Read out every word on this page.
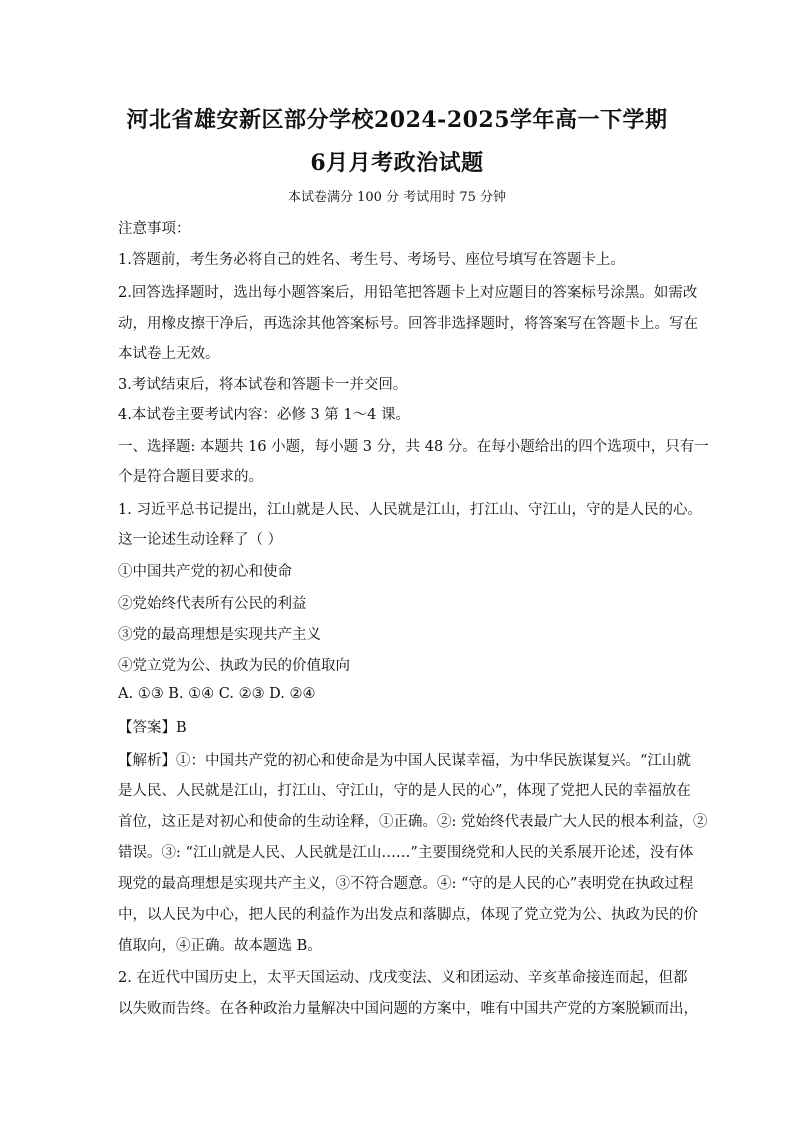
河北省雄安新区部分学校2024-2025学年高一下学期
6月月考政治试题
本试卷满分 100 分 考试用时 75 分钟
注意事项：
1.答题前，考生务必将自己的姓名、考生号、考场号、座位号填写在答题卡上。
2.回答选择题时，选出每小题答案后，用铅笔把答题卡上对应题目的答案标号涂黑。如需改
动，用橡皮擦干净后，再选涂其他答案标号。回答非选择题时，将答案写在答题卡上。写在
本试卷上无效。
3.考试结束后，将本试卷和答题卡一并交回。
4.本试卷主要考试内容：必修 3 第 1～4 课。
一、选择题: 本题共 16 小题，每小题 3 分，共 48 分。在每小题给出的四个选项中，只有一
个是符合题目要求的。
1. 习近平总书记提出，江山就是人民、人民就是江山，打江山、守江山，守的是人民的心。
这一论述生动诠释了（ ）
①中国共产党的初心和使命
②党始终代表所有公民的利益
③党的最高理想是实现共产主义
④党立党为公、执政为民的价值取向
A. ①③ B. ①④ C. ②③ D. ②④
【答案】B
【解析】①：中国共产党的初心和使命是为中国人民谋幸福，为中华民族谋复兴。“江山就
是人民、人民就是江山，打江山、守江山，守的是人民的心”，体现了党把人民的幸福放在
首位，这正是对初心和使命的生动诠释，①正确。②: 党始终代表最广大人民的根本利益，②
错误。③: “江山就是人民、人民就是江山……”主要围绕党和人民的关系展开论述，没有体
现党的最高理想是实现共产主义，③不符合题意。④: “守的是人民的心”表明党在执政过程
中，以人民为中心，把人民的利益作为出发点和落脚点，体现了党立党为公、执政为民的价
值取向，④正确。故本题选 B。
2. 在近代中国历史上，太平天国运动、戊戌变法、义和团运动、辛亥革命接连而起，但都
以失败而告终。在各种政治力量解决中国问题的方案中，唯有中国共产党的方案脱颖而出，
